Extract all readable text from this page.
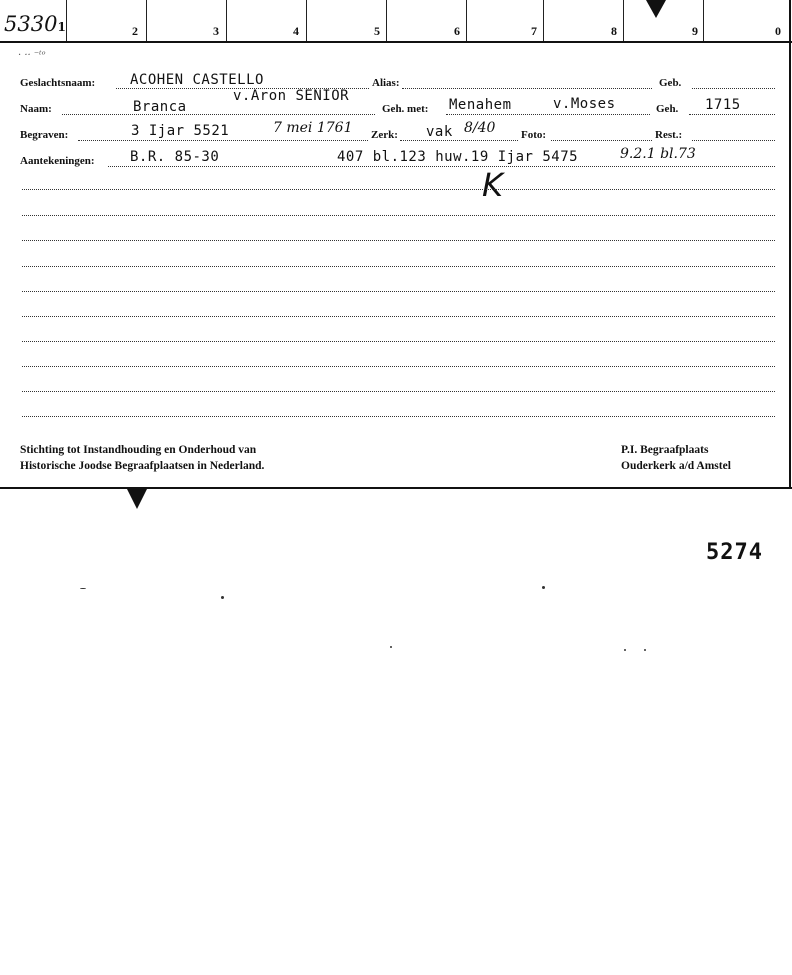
53301	2	3	4	5	6	7	8	9	0
· ·· ⁻ᵗᵒ
Geslachtsnaam: ACOHEN CASTELLO	Alias:	Geb.
Naam:	Branca
v.Aron SENIOR
Geh. met: Menahem	v.Moses	Geh. 1715
Begraven:	3 Ijar 5521	7 mei 1761 Zerk: vak 8/40 Foto:	Rest.:
Aantekeningen:	B.R. 85-30	407 bl.123 huw.19 Ijar 5475	9.2.1 bl.73
K
Stichting tot Instandhouding en Onderhoud van
Historische Joodse Begraafplaatsen in Nederland.
P.I. Begraafplaats
Ouderkerk a/d Amstel
5274
